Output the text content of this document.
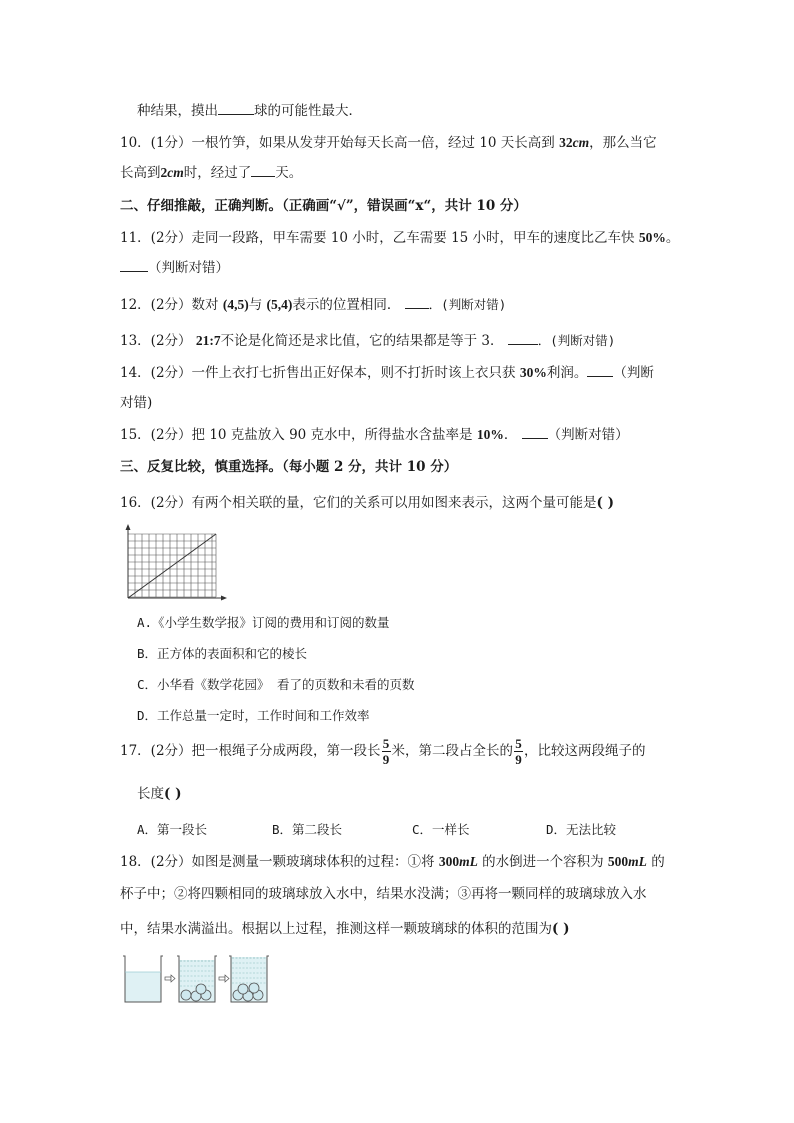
种结果，摸出	球的可能性最大．
10．(1分）一根竹笋，如果从发芽开始每天长高一倍，经过 10 天长高到 32cm，那么当它
长高到2cm时，经过了 天。
二、仔细推敲，正确判断。（正确画“√”，错误画“x“，共计 10 分）
11．(2分）走同一段路，甲车需要 10 小时，乙车需要 15 小时，甲车的速度比乙车快 50%。
（判断对错）
12．(2分）数对 (4,5)与 (5,4)表示的位置相同． ．(判断对错)
13．(2分） 21:7不论是化简还是求比值，它的结果都是等于 3．	．(判断对错)
14．(2分）一件上衣打七折售出正好保本，则不打折时该上衣只获 30%利润。 （判断
对错)
15．(2分）把 10 克盐放入 90 克水中，所得盐水含盐率是 10%． （判断对错）
三、反复比较，慎重选择。（每小题 2 分，共计 10 分）
16．(2分）有两个相关联的量，它们的关系可以用如图来表示，这两个量可能是( )
A.《小学生数学报》订阅的费用和订阅的数量
B．正方体的表面积和它的棱长
C．小华看《数学花园》 看了的页数和未看的页数
D．工作总量一定时，工作时间和工作效率
17．(2分）把一根绳子分成两段，第一段长 $\frac{5}{9}$ 米，第二段占全长的 $\frac{5}{9}$ ，比较这两段绳子的
长度( )
A．第一段长	B．第二段长	C．一样长	D．无法比较
18．(2分）如图是测量一颗玻璃球体积的过程：①将 300mL 的水倒进一个容积为 500mL 的
杯子中；②将四颗相同的玻璃球放入水中，结果水没满；③再将一颗同样的玻璃球放入水
中，结果水满溢出。根据以上过程，推测这样一颗玻璃球的体积的范围为( )
